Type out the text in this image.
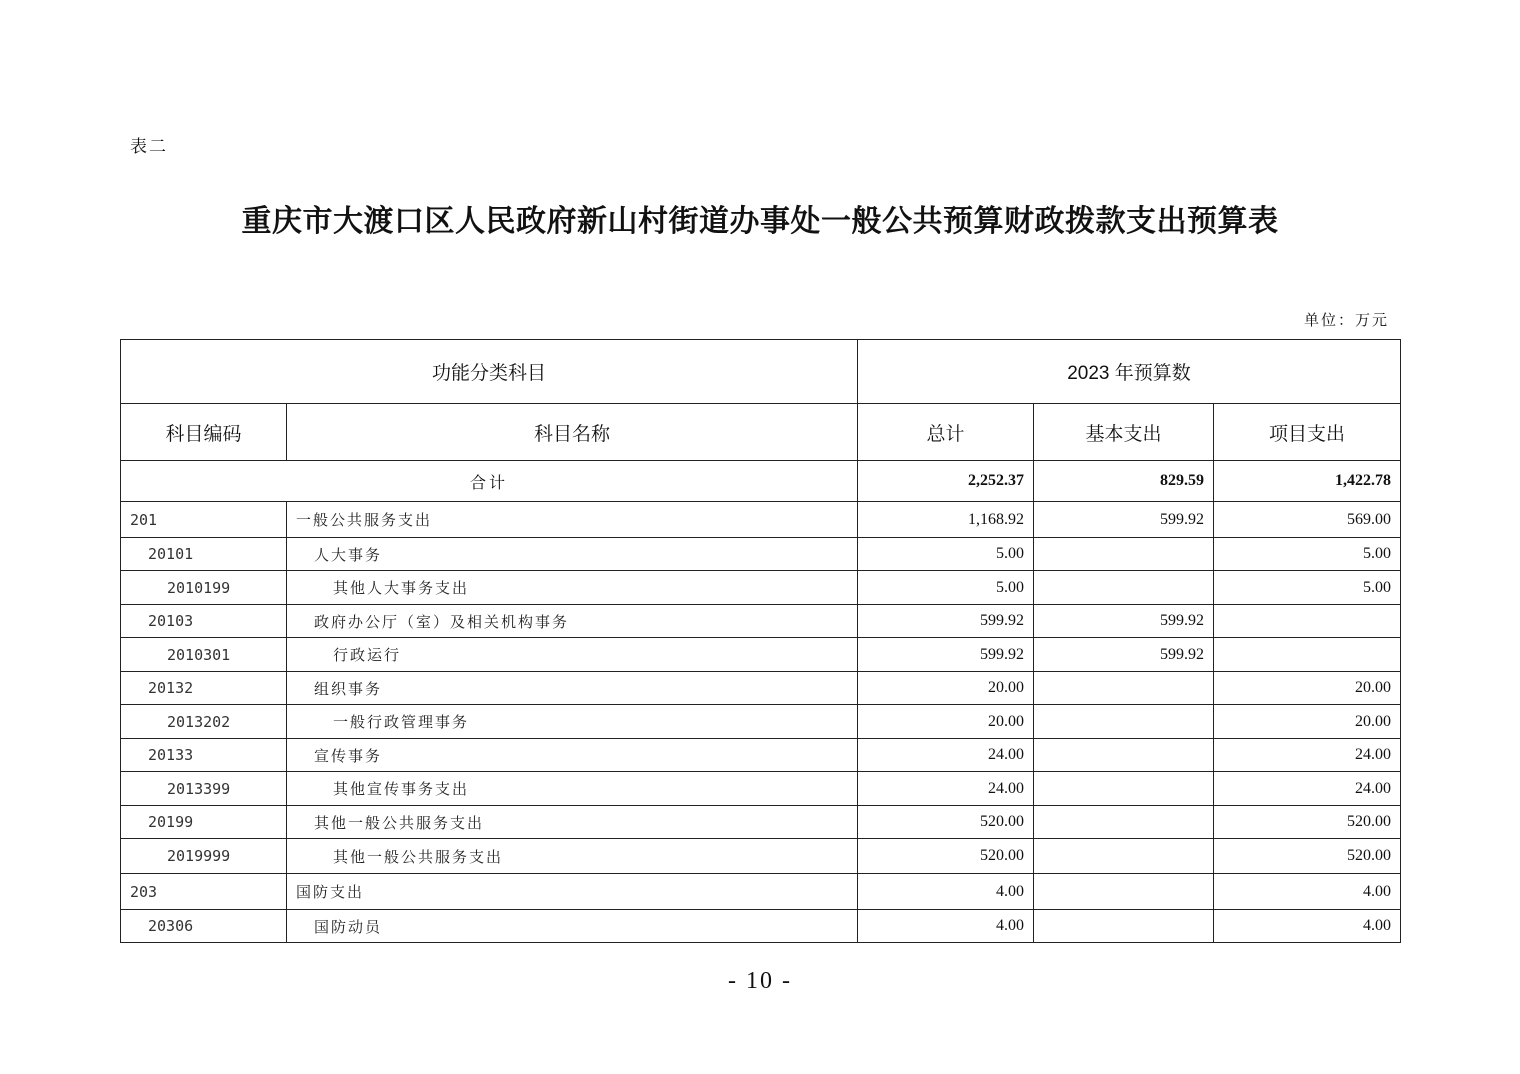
表二
重庆市大渡口区人民政府新山村街道办事处一般公共预算财政拨款支出预算表
单位：万元
功能分类科目		2023 年预算数		
科目编码	科目名称	总计	基本支出	项目支出
合计		2,252.37	829.59	1,422.78
201	一般公共服务支出	1,168.92	599.92	569.00
20101	人大事务	5.00		5.00
2010199	其他人大事务支出	5.00		5.00
20103	政府办公厅（室）及相关机构事务	599.92	599.92	
2010301	行政运行	599.92	599.92	
20132	组织事务	20.00		20.00
2013202	一般行政管理事务	20.00		20.00
20133	宣传事务	24.00		24.00
2013399	其他宣传事务支出	24.00		24.00
20199	其他一般公共服务支出	520.00		520.00
2019999	其他一般公共服务支出	520.00		520.00
203	国防支出	4.00		4.00
20306	国防动员	4.00		4.00
- 10 -
